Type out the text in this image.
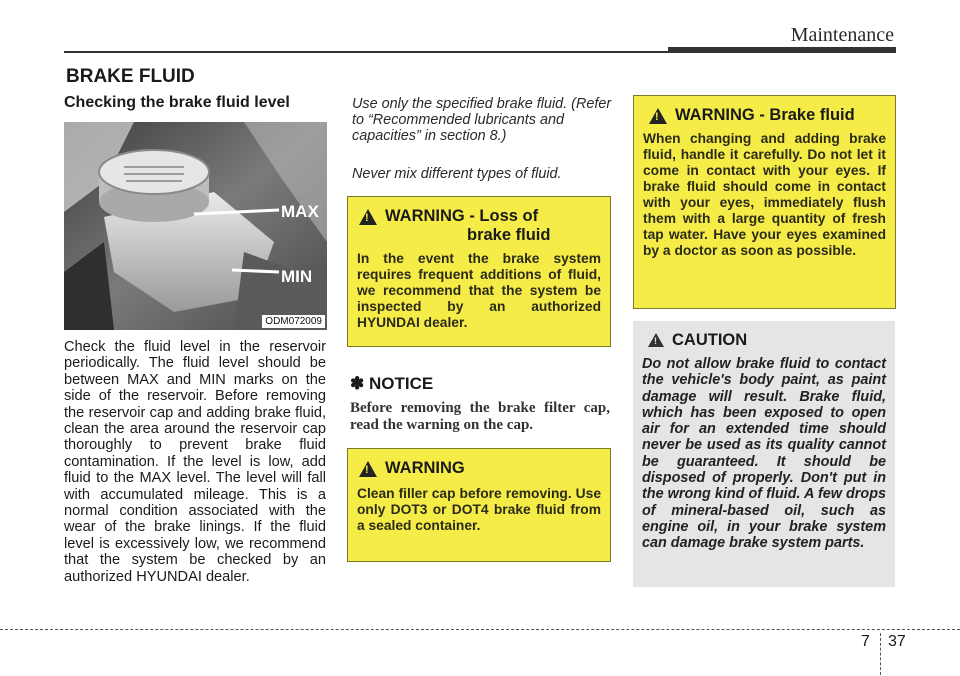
Maintenance
BRAKE FLUID
Checking the brake fluid level
MAX
MIN
ODM072009
Check the fluid level in the reservoir periodically. The fluid level should be between MAX and MIN marks on the side of the reservoir. Before removing the reservoir cap and adding brake fluid, clean the area around the reservoir cap thoroughly to prevent brake fluid contamination. If the level is low, add fluid to the MAX level. The level will fall with accumulated mileage. This is a normal condition associated with the wear of the brake linings. If the fluid level is excessively low, we recommend that the system be checked by an authorized HYUNDAI dealer.
Use only the specified brake fluid. (Refer to “Recommended lubricants and capacities” in section 8.)
Never mix different types of fluid.
!
WARNING - Loss of
brake fluid
In the event the brake system requires frequent additions of fluid, we recommend that the system be inspected by an authorized HYUNDAI dealer.
✽ NOTICE
Before removing the brake filter cap, read the warning on the cap.
!
WARNING
Clean filler cap before removing. Use only DOT3 or DOT4 brake fluid from a sealed container.
!
WARNING - Brake fluid
When changing and adding brake fluid, handle it carefully. Do not let it come in contact with your eyes. If brake fluid should come in contact with your eyes, immediately flush them with a large quantity of fresh tap water. Have your eyes examined by a doctor as soon as possible.
!
CAUTION
Do not allow brake fluid to contact the vehicle's body paint, as paint damage will result. Brake fluid, which has been exposed to open air for an extended time should never be used as its quality cannot be guaranteed. It should be disposed of properly. Don't put in the wrong kind of fluid. A few drops of mineral-based oil, such as engine oil, in your brake system can damage brake system parts.
7 37
